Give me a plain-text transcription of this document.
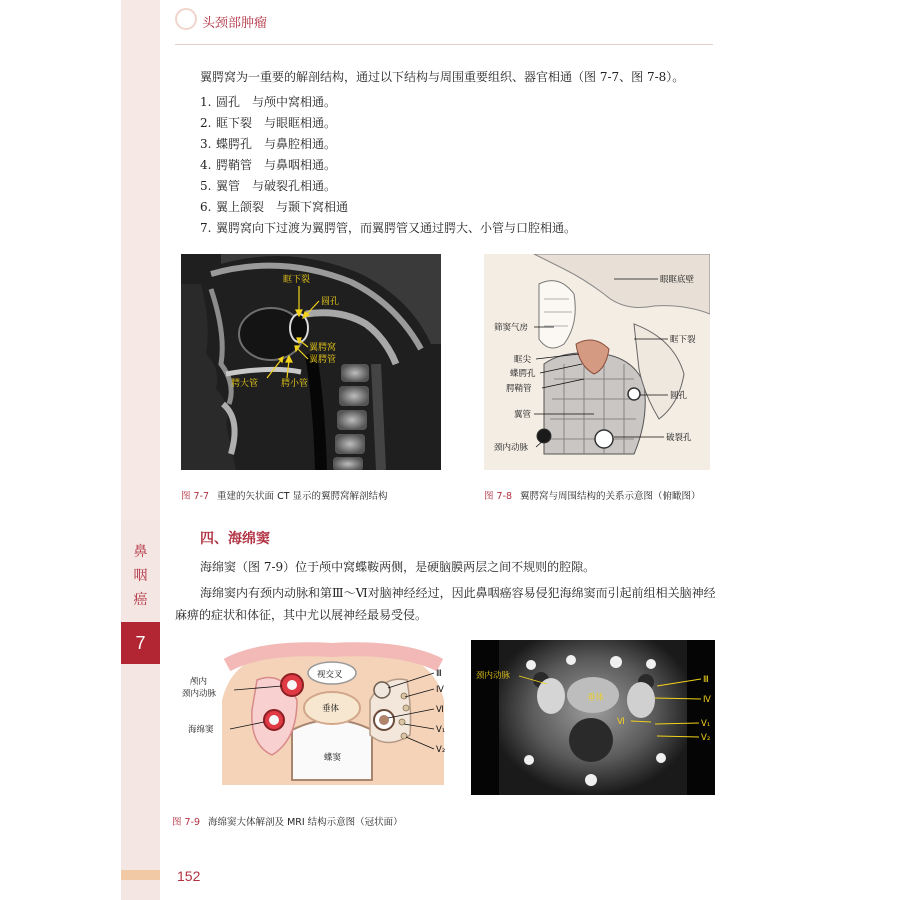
鼻
咽
癌
7
头颈部肿瘤
翼腭窝为一重要的解剖结构，通过以下结构与周围重要组织、器官相通（图 7-7、图 7-8）。
1. 圆孔　与颅中窝相通。
2. 眶下裂　与眼眶相通。
3. 蝶腭孔　与鼻腔相通。
4. 腭鞘管　与鼻咽相通。
5. 翼管　与破裂孔相通。
6. 翼上颌裂　与颞下窝相通
7. 翼腭窝向下过渡为翼腭管，而翼腭管又通过腭大、小管与口腔相通。
眶下裂
圆孔
翼腭窝
翼腭管
腭大管	腭小管
图 7-7 重建的矢状面 CT 显示的翼腭窝解剖结构
眼眶底壁
筛窦气房
眶下裂
眶尖
蝶腭孔
腭鞘管
圆孔
翼管
颈内动脉
破裂孔
图 7-8 翼腭窝与周围结构的关系示意图（俯瞰图）
四、海绵窦
海绵窦（图 7-9）位于颅中窝蝶鞍两侧，是硬脑膜两层之间不规则的腔隙。
海绵窦内有颈内动脉和第Ⅲ～Ⅵ对脑神经经过，因此鼻咽癌容易侵犯海绵窦而引起前组相关脑神经
麻痹的症状和体征，其中尤以展神经最易受侵。
颅内
颈内动脉
视交叉
垂体
海绵窦
蝶窦
Ⅲ
Ⅳ
Ⅵ
V₁
V₂
颈内动脉
垂体
Ⅵ
Ⅲ
Ⅳ
V₁
V₂
图 7-9 海绵窦大体解剖及 MRI 结构示意图（冠状面）
152
